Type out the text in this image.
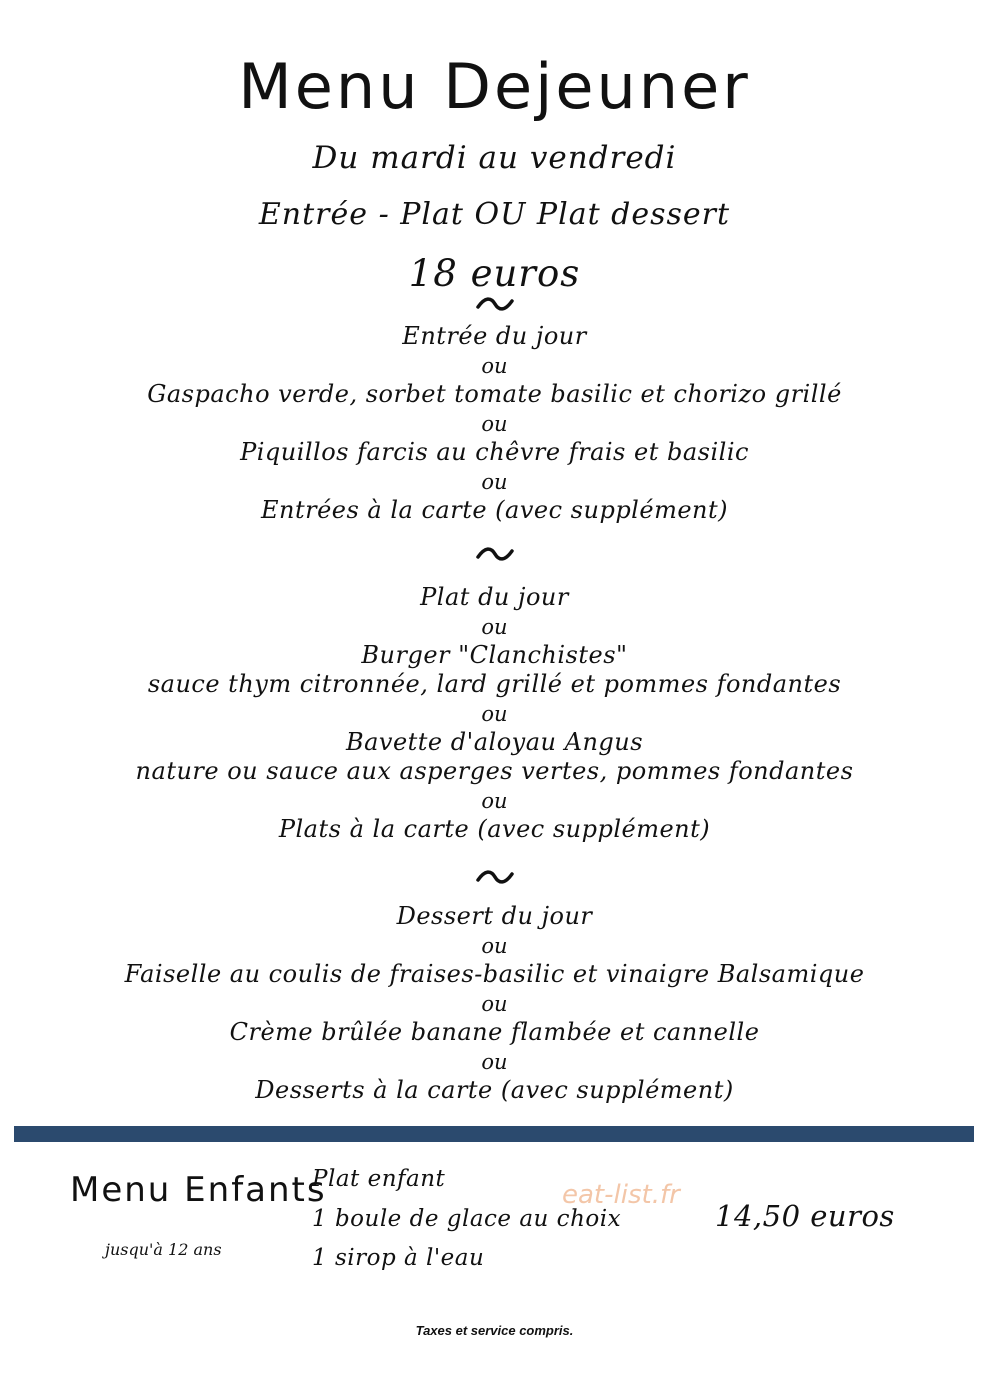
Menu Dejeuner
Du mardi au vendredi
Entrée - Plat OU Plat dessert
18 euros
Entrée du jour
ou
Gaspacho verde, sorbet tomate basilic et chorizo grillé
ou
Piquillos farcis au chêvre frais et basilic
ou
Entrées à la carte (avec supplément)
Plat du jour
ou
Burger "Clanchistes"
sauce thym citronnée, lard grillé et pommes fondantes
ou
Bavette d'aloyau Angus
nature ou sauce aux asperges vertes, pommes fondantes
ou
Plats à la carte (avec supplément)
Dessert du jour
ou
Faiselle au coulis de fraises-basilic et vinaigre Balsamique
ou
Crème brûlée banane flambée et cannelle
ou
Desserts à la carte (avec supplément)
Menu Enfants
jusqu'à 12 ans
Plat enfant
1 boule de glace au choix
1 sirop à l'eau
eat-list.fr
14,50 euros
Taxes et service compris.
